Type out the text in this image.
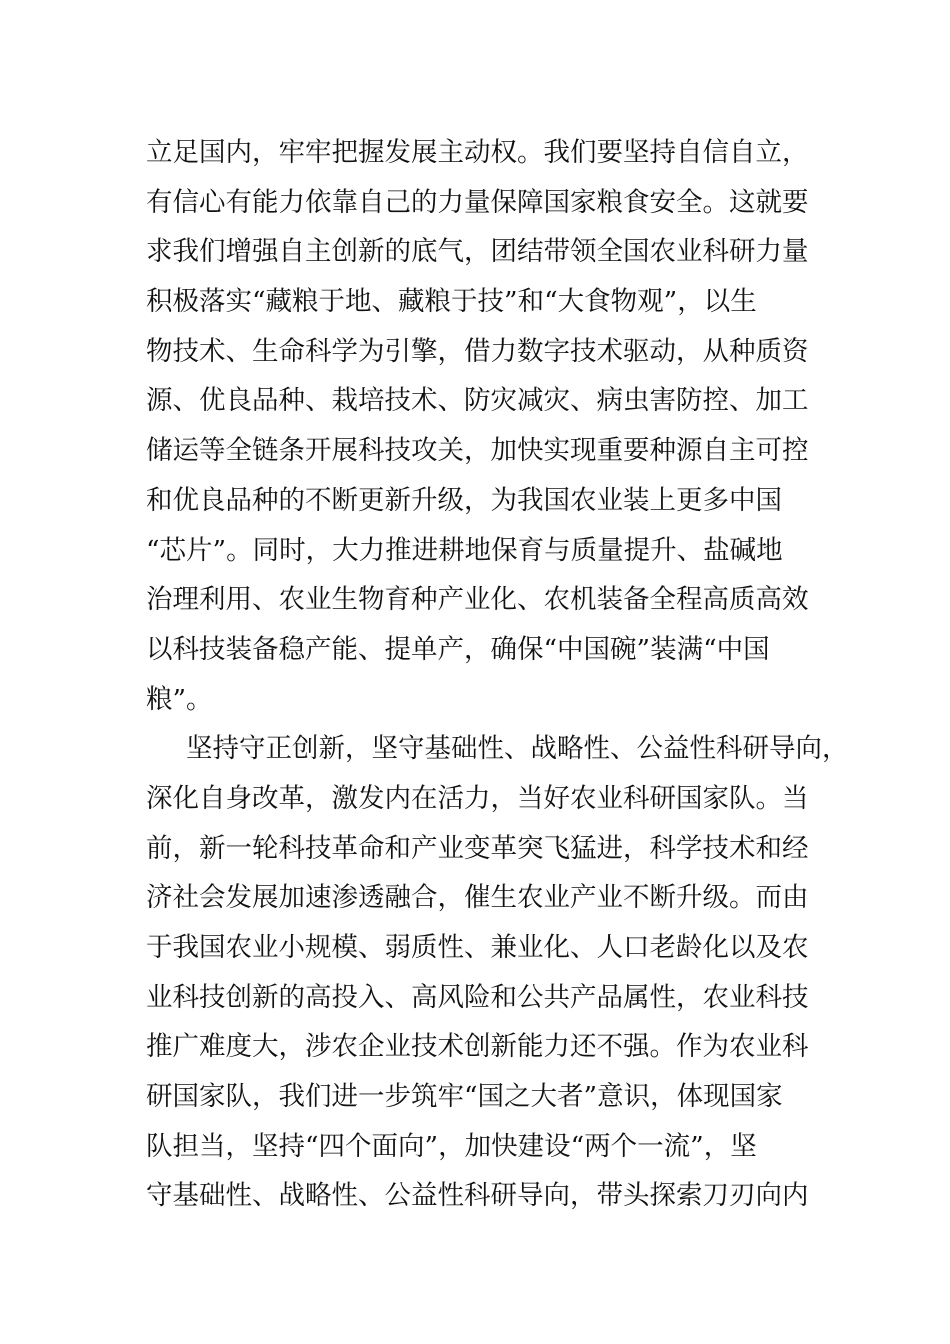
立足国内，牢牢把握发展主动权。我们要坚持自信自立，
有信心有能力依靠自己的力量保障国家粮食安全。这就要
求我们增强自主创新的底气，团结带领全国农业科研力量
积极落实“藏粮于地、藏粮于技”和“大食物观”，以生
物技术、生命科学为引擎，借力数字技术驱动，从种质资
源、优良品种、栽培技术、防灾减灾、病虫害防控、加工
储运等全链条开展科技攻关，加快实现重要种源自主可控
和优良品种的不断更新升级，为我国农业装上更多中国
“芯片”。同时，大力推进耕地保育与质量提升、盐碱地
治理利用、农业生物育种产业化、农机装备全程高质高效
以科技装备稳产能、提单产，确保“中国碗”装满“中国
粮”。
坚持守正创新，坚守基础性、战略性、公益性科研导向，
深化自身改革，激发内在活力，当好农业科研国家队。当
前，新一轮科技革命和产业变革突飞猛进，科学技术和经
济社会发展加速渗透融合，催生农业产业不断升级。而由
于我国农业小规模、弱质性、兼业化、人口老龄化以及农
业科技创新的高投入、高风险和公共产品属性，农业科技
推广难度大，涉农企业技术创新能力还不强。作为农业科
研国家队，我们进一步筑牢“国之大者”意识，体现国家
队担当，坚持“四个面向”，加快建设“两个一流”，坚
守基础性、战略性、公益性科研导向，带头探索刀刃向内
